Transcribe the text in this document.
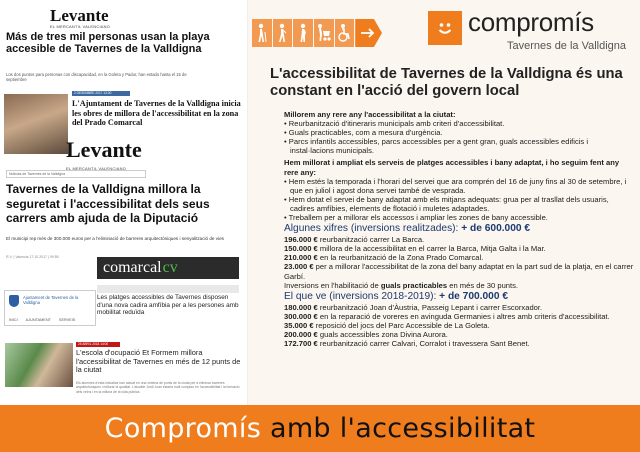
Levante
EL MERCANTIL VALENCIANO
Más de tres mil personas usan la playa accesible de Tavernes de la Valldigna
Los dos puntos para personas con discapacidad, en la Goleta y Padur, han estado hasta el 15 de septiembre
2 DESEMBRE 2017 13:00
L'Ajuntament de Tavernes de la Valldigna inicia les obres de millora de l'accessibilitat en la zona del Prado Comarcal
Levante
EL MERCANTIL VALENCIANO
Noticias de Tavernes de la Valldigna
Tavernes de la Valldigna millora la seguretat i l'accessibilitat dels seus carrers amb ajuda de la Diputació
El municipi rep més de 300.000 euros per a l'eliminació de barreres arquitectòniques i senyalització de vies
R.V. | Valencia 17.10.2017 | 09:55
comarcal cv
Les platges accessibles de Tavernes disposen d'una nova cadira amfíbia per a les persones amb mobilitat reduïda
Ajuntament de Tavernes de la Valldigna
INICI AJUNTAMENT SERVEIS
25 ABRIL 2018 14:00
L'escola d'ocupació Et Formem millora l'accessibilitat de Tavernes en més de 12 punts de la ciutat
Els alumnes d'esta iniciativa han actuat en una vintena de punts de la ciutat per a eliminar barreres arquitectòniques i millorar la qualitat. L'alcalde Jordi Juan estaria molt complau en l'accessibilitat i la formació dels veïns i en la millora de la vida pública.
compromís
Tavernes de la Valldigna
L'accessibilitat de Tavernes de la Valldigna és una constant en l'acció del govern local

Millorem any rere any l'accessibilitat a la ciutat:

• Reurbanització d'itineraris municipals amb criteri d'accessibilitat.
• Guals practicables, com a mesura d'urgència.
• Parcs infantils accessibles, parcs accessibles per a gent gran, guals accessibles edificis i instal·lacions municipals.

Hem millorat i ampliat els serveis de platges accessibles i bany adaptat, i ho seguim fent any rere any:

• Hem estés la temporada i l'horari del servei que ara comprén del 16 de juny fins al 30 de setembre, i que en juliol i agost dona servei també de vesprada.
• Hem dotat el servei de bany adaptat amb els mitjans adequats: grua per al trasllat dels usuaris, cadires amfíbies, elements de flotació i muletes adaptades.
• Treballem per a millorar els accessos i ampliar les zones de bany accessible.

Algunes xifres (inversions realitzades): + de 600.000 €

196.000 € reurbanització carrer La Barca.

150.000 € millora de la accessibilitat en el carrer la Barca, Mitja Galta i la Mar.

210.000 € en la reurbanització de la Zona Prado Comarcal.

23.000 € per a millorar l'accessibilitat de la zona del bany adaptat en la part sud de la platja, en el carrer Garbí.

Inversions en l'habilitació de guals practicables en més de 30 punts.

El que ve (inversions 2018-2019): + de 700.000 €

180.000 € reurbanització Joan d'Àustria, Passeig Lepant i carrer Escorxador.

300.000 € en la reparació de voreres en avinguda Germanies i altres amb criteris d'accessibilitat.

35.000 € reposició del jocs del Parc Accessible de La Goleta.

200.000 € guals accessibles zona Divina Aurora.

172.700 € reurbanització carrer Calvari, Corralot i travessera Sant Benet.

Compromís amb l'accessibilitat
